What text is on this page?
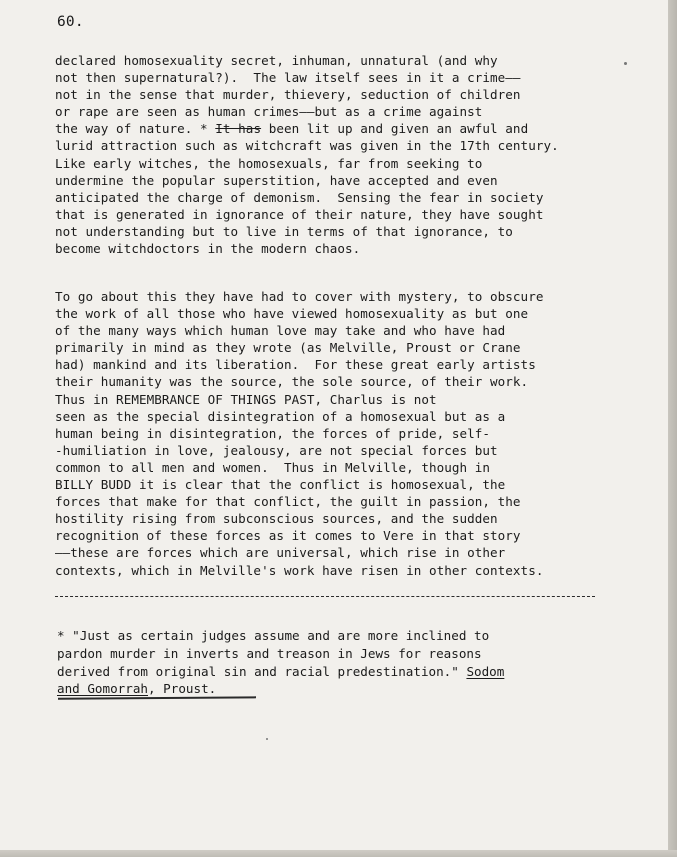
60.
declared homosexuality secret, inhuman, unnatural (and why
not then supernatural?).  The law itself sees in it a crime——
not in the sense that murder, thievery, seduction of children
or rape are seen as human crimes——but as a crime against
the way of nature. * It has been lit up and given an awful and
lurid attraction such as witchcraft was given in the 17th century.
Like early witches, the homosexuals, far from seeking to
undermine the popular superstition, have accepted and even
anticipated the charge of demonism.  Sensing the fear in society
that is generated in ignorance of their nature, they have sought
not understanding but to live in terms of that ignorance, to
become witchdoctors in the modern chaos.
To go about this they have had to cover with mystery, to obscure
the work of all those who have viewed homosexuality as but one
of the many ways which human love may take and who have had
primarily in mind as they wrote (as Melville, Proust or Crane
had) mankind and its liberation.  For these great early artists
their humanity was the source, the sole source, of their work.
Thus in REMEMBRANCE OF THINGS PAST, Charlus is not
seen as the special disintegration of a homosexual but as a
human being in disintegration, the forces of pride, self-
-humiliation in love, jealousy, are not special forces but
common to all men and women.  Thus in Melville, though in
BILLY BUDD it is clear that the conflict is homosexual, the
forces that make for that conflict, the guilt in passion, the
hostility rising from subconscious sources, and the sudden
recognition of these forces as it comes to Vere in that story
——these are forces which are universal, which rise in other
contexts, which in Melville's work have risen in other contexts.
* "Just as certain judges assume and are more inclined to
pardon murder in inverts and treason in Jews for reasons
derived from original sin and racial predestination." Sodom
and Gomorrah, Proust.
